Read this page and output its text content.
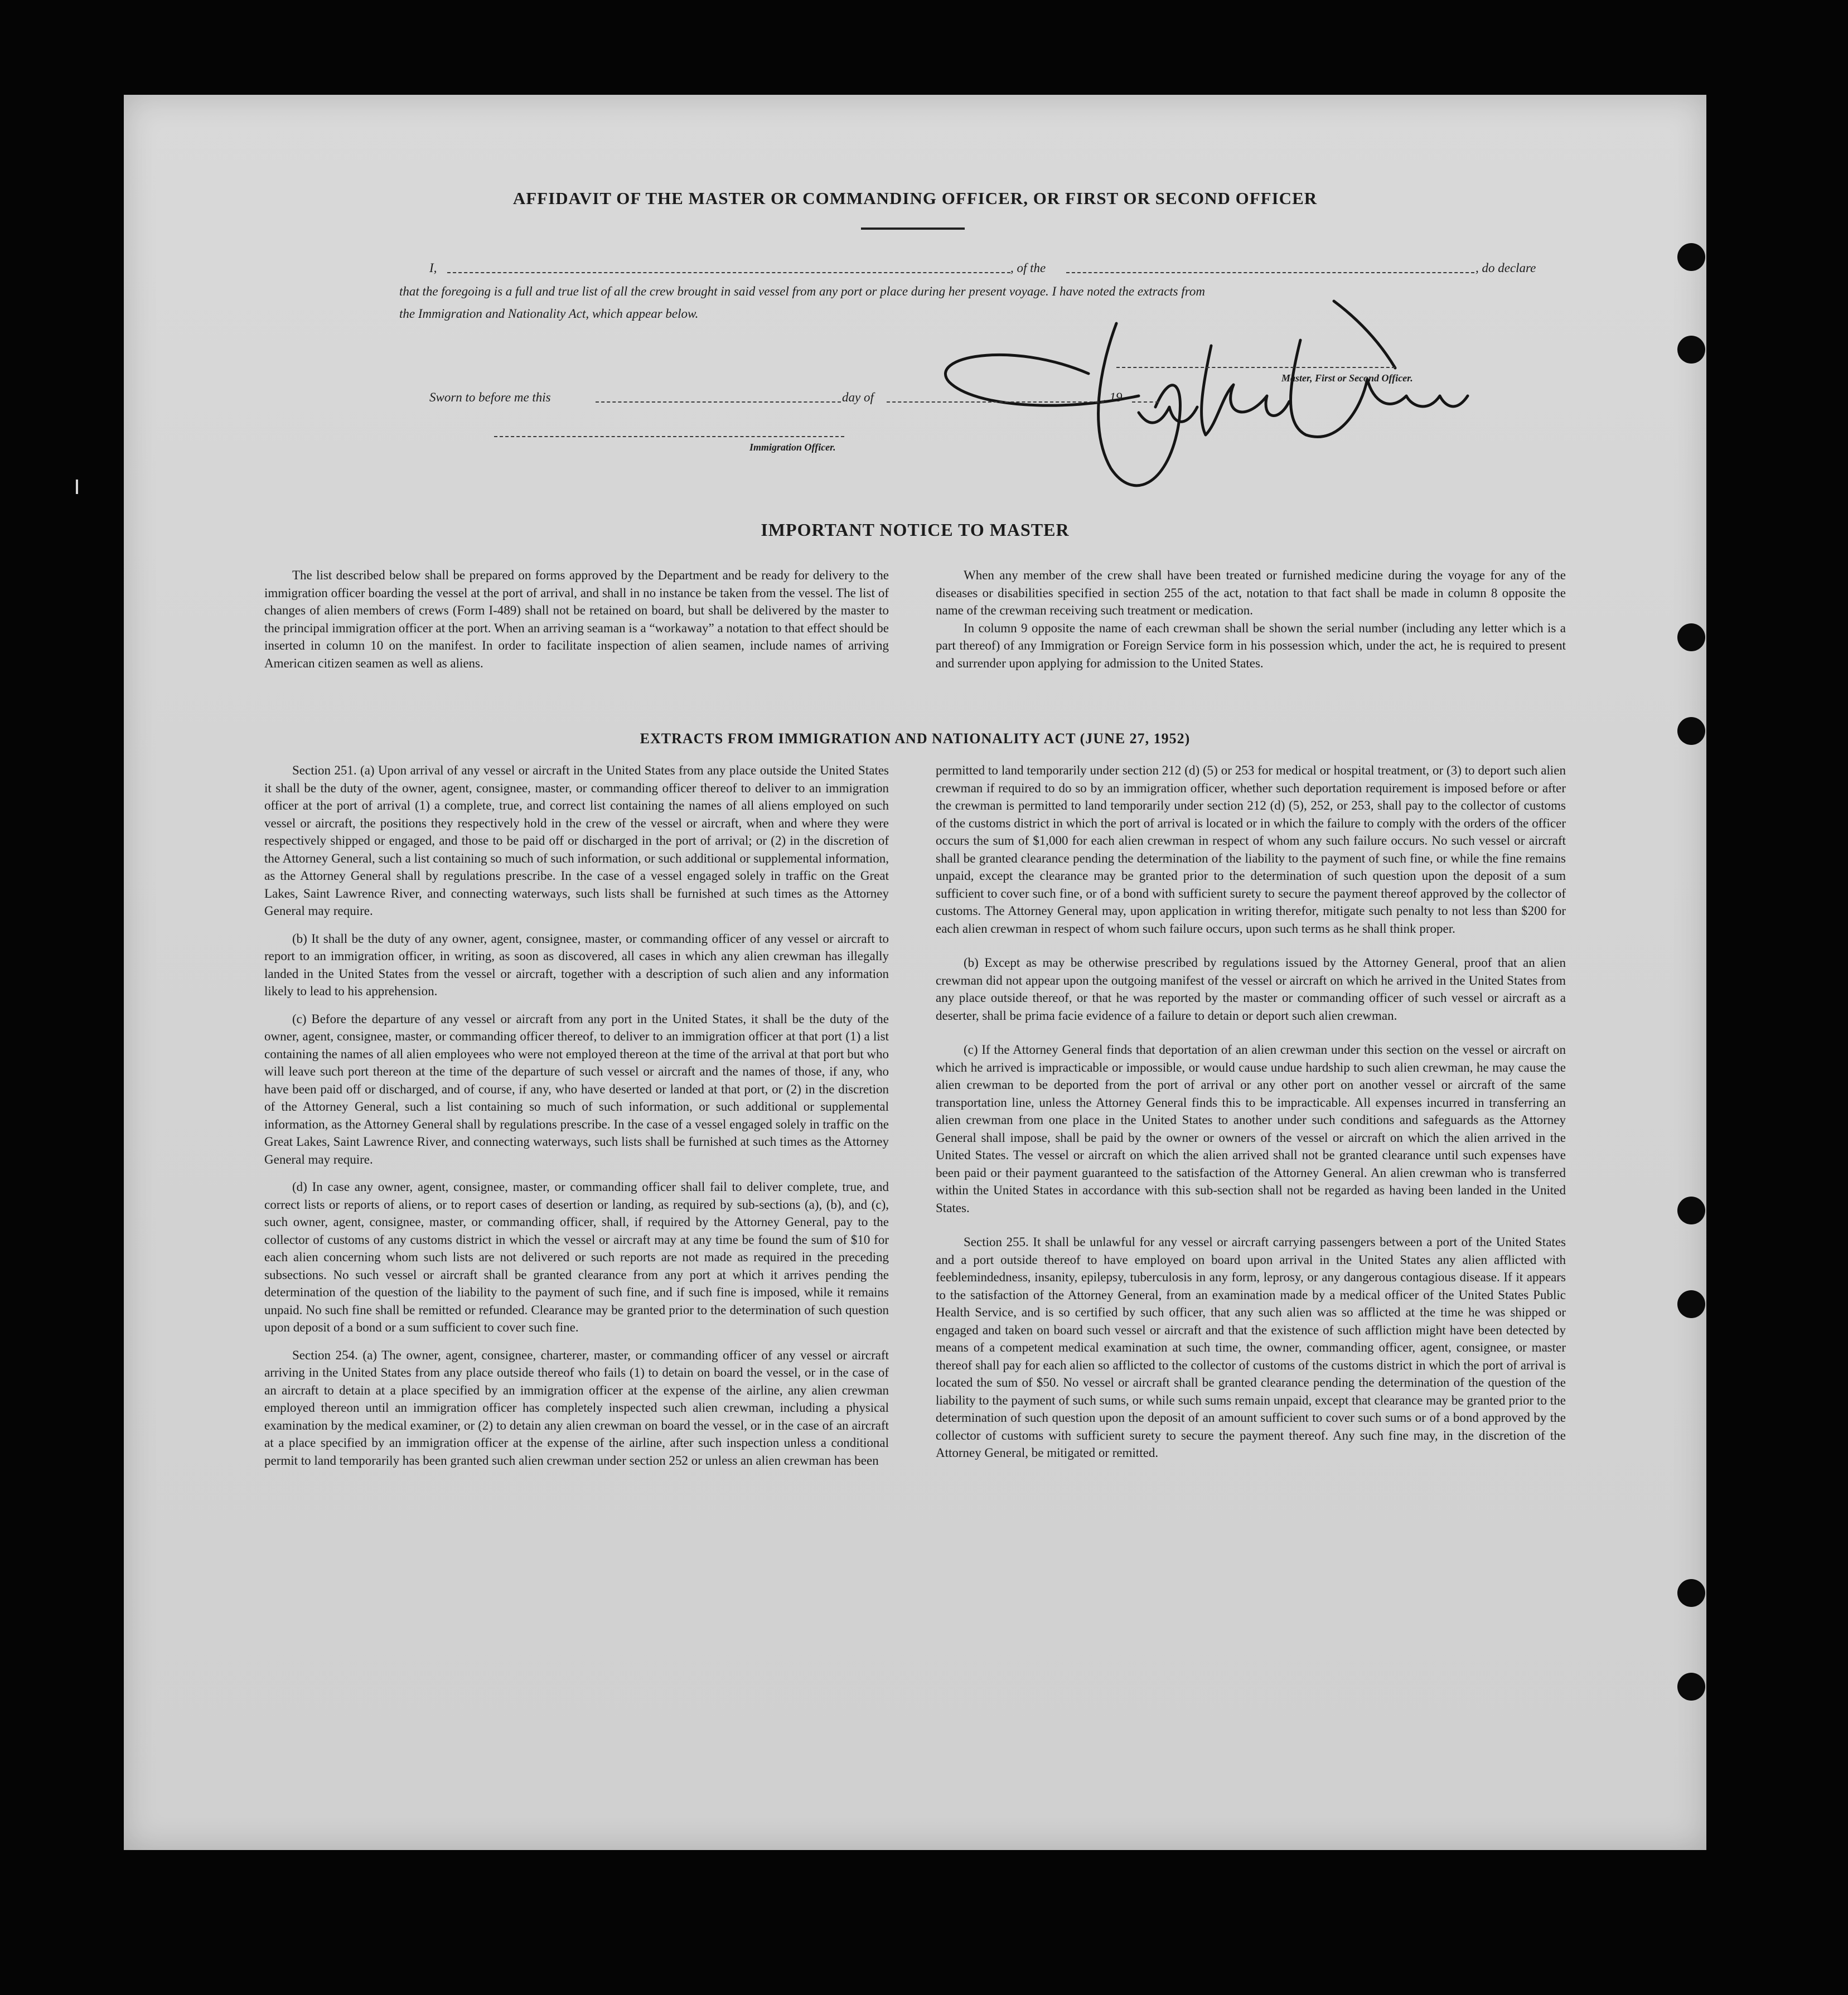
AFFIDAVIT OF THE MASTER OR COMMANDING OFFICER, OR FIRST OR SECOND OFFICER
I,	, of the	, do declare
that the foregoing is a full and true list of all the crew brought in said vessel from any port or place during her present voyage. I have noted the extracts from
the Immigration and Nationality Act, which appear below.
Master, First or Second Officer.
Sworn to before me this	day of	, 19
Immigration Officer.
IMPORTANT NOTICE TO MASTER

The list described below shall be prepared on forms approved by the Department and be ready for delivery to the immigration officer boarding the vessel at the port of arrival, and shall in no instance be taken from the vessel. The list of changes of alien members of crews (Form I-489) shall not be retained on board, but shall be delivered by the master to the principal immigration officer at the port. When an arriving seaman is a “workaway” a notation to that effect should be inserted in column 10 on the manifest. In order to facilitate inspection of alien seamen, include names of arriving American citizen seamen as well as aliens.

When any member of the crew shall have been treated or furnished medicine during the voyage for any of the diseases or disabilities specified in section 255 of the act, notation to that fact shall be made in column 8 opposite the name of the crewman receiving such treatment or medication.

In column 9 opposite the name of each crewman shall be shown the serial number (including any letter which is a part thereof) of any Immigration or Foreign Service form in his possession which, under the act, he is required to present and surrender upon applying for admission to the United States.

EXTRACTS FROM IMMIGRATION AND NATIONALITY ACT (JUNE 27, 1952)

Section 251. (a) Upon arrival of any vessel or aircraft in the United States from any place outside the United States it shall be the duty of the owner, agent, consignee, master, or commanding officer thereof to deliver to an immigration officer at the port of arrival (1) a complete, true, and correct list containing the names of all aliens employed on such vessel or aircraft, the positions they respectively hold in the crew of the vessel or aircraft, when and where they were respectively shipped or engaged, and those to be paid off or discharged in the port of arrival; or (2) in the discretion of the Attorney General, such a list containing so much of such information, or such additional or supplemental information, as the Attorney General shall by regulations prescribe. In the case of a vessel engaged solely in traffic on the Great Lakes, Saint Lawrence River, and connecting waterways, such lists shall be furnished at such times as the Attorney General may require.

(b) It shall be the duty of any owner, agent, consignee, master, or commanding officer of any vessel or aircraft to report to an immigration officer, in writing, as soon as discovered, all cases in which any alien crewman has illegally landed in the United States from the vessel or aircraft, together with a description of such alien and any information likely to lead to his apprehension.

(c) Before the departure of any vessel or aircraft from any port in the United States, it shall be the duty of the owner, agent, consignee, master, or commanding officer thereof, to deliver to an immigration officer at that port (1) a list containing the names of all alien employees who were not employed thereon at the time of the arrival at that port but who will leave such port thereon at the time of the departure of such vessel or aircraft and the names of those, if any, who have been paid off or discharged, and of course, if any, who have deserted or landed at that port, or (2) in the discretion of the Attorney General, such a list containing so much of such information, or such additional or supplemental information, as the Attorney General shall by regulations prescribe. In the case of a vessel engaged solely in traffic on the Great Lakes, Saint Lawrence River, and connecting waterways, such lists shall be furnished at such times as the Attorney General may require.

(d) In case any owner, agent, consignee, master, or commanding officer shall fail to deliver complete, true, and correct lists or reports of aliens, or to report cases of desertion or landing, as required by sub-sections (a), (b), and (c), such owner, agent, consignee, master, or commanding officer, shall, if required by the Attorney General, pay to the collector of customs of any customs district in which the vessel or aircraft may at any time be found the sum of $10 for each alien concerning whom such lists are not delivered or such reports are not made as required in the preceding subsections. No such vessel or aircraft shall be granted clearance from any port at which it arrives pending the determination of the question of the liability to the payment of such fine, and if such fine is imposed, while it remains unpaid. No such fine shall be remitted or refunded. Clearance may be granted prior to the determination of such question upon deposit of a bond or a sum sufficient to cover such fine.

Section 254. (a) The owner, agent, consignee, charterer, master, or commanding officer of any vessel or aircraft arriving in the United States from any place outside thereof who fails (1) to detain on board the vessel, or in the case of an aircraft to detain at a place specified by an immigration officer at the expense of the airline, any alien crewman employed thereon until an immigration officer has completely inspected such alien crewman, including a physical examination by the medical examiner, or (2) to detain any alien crewman on board the vessel, or in the case of an aircraft at a place specified by an immigration officer at the expense of the airline, after such inspection unless a conditional permit to land temporarily has been granted such alien crewman under section 252 or unless an alien crewman has been

permitted to land temporarily under section 212 (d) (5) or 253 for medical or hospital treatment, or (3) to deport such alien crewman if required to do so by an immigration officer, whether such deportation requirement is imposed before or after the crewman is permitted to land temporarily under section 212 (d) (5), 252, or 253, shall pay to the collector of customs of the customs district in which the port of arrival is located or in which the failure to comply with the orders of the officer occurs the sum of $1,000 for each alien crewman in respect of whom any such failure occurs. No such vessel or aircraft shall be granted clearance pending the determination of the liability to the payment of such fine, or while the fine remains unpaid, except the clearance may be granted prior to the determination of such question upon the deposit of a sum sufficient to cover such fine, or of a bond with sufficient surety to secure the payment thereof approved by the collector of customs. The Attorney General may, upon application in writing therefor, mitigate such penalty to not less than $200 for each alien crewman in respect of whom such failure occurs, upon such terms as he shall think proper.

(b) Except as may be otherwise prescribed by regulations issued by the Attorney General, proof that an alien crewman did not appear upon the outgoing manifest of the vessel or aircraft on which he arrived in the United States from any place outside thereof, or that he was reported by the master or commanding officer of such vessel or aircraft as a deserter, shall be prima facie evidence of a failure to detain or deport such alien crewman.

(c) If the Attorney General finds that deportation of an alien crewman under this section on the vessel or aircraft on which he arrived is impracticable or impossible, or would cause undue hardship to such alien crewman, he may cause the alien crewman to be deported from the port of arrival or any other port on another vessel or aircraft of the same transportation line, unless the Attorney General finds this to be impracticable. All expenses incurred in transferring an alien crewman from one place in the United States to another under such conditions and safeguards as the Attorney General shall impose, shall be paid by the owner or owners of the vessel or aircraft on which the alien arrived in the United States. The vessel or aircraft on which the alien arrived shall not be granted clearance until such expenses have been paid or their payment guaranteed to the satisfaction of the Attorney General. An alien crewman who is transferred within the United States in accordance with this sub-section shall not be regarded as having been landed in the United States.

Section 255. It shall be unlawful for any vessel or aircraft carrying passengers between a port of the United States and a port outside thereof to have employed on board upon arrival in the United States any alien afflicted with feeblemindedness, insanity, epilepsy, tuberculosis in any form, leprosy, or any dangerous contagious disease. If it appears to the satisfaction of the Attorney General, from an examination made by a medical officer of the United States Public Health Service, and is so certified by such officer, that any such alien was so afflicted at the time he was shipped or engaged and taken on board such vessel or aircraft and that the existence of such affliction might have been detected by means of a competent medical examination at such time, the owner, commanding officer, agent, consignee, or master thereof shall pay for each alien so afflicted to the collector of customs of the customs district in which the port of arrival is located the sum of $50. No vessel or aircraft shall be granted clearance pending the determination of the question of the liability to the payment of such sums, or while such sums remain unpaid, except that clearance may be granted prior to the determination of such question upon the deposit of an amount sufficient to cover such sums or of a bond approved by the collector of customs with sufficient surety to secure the payment thereof. Any such fine may, in the discretion of the Attorney General, be mitigated or remitted.
